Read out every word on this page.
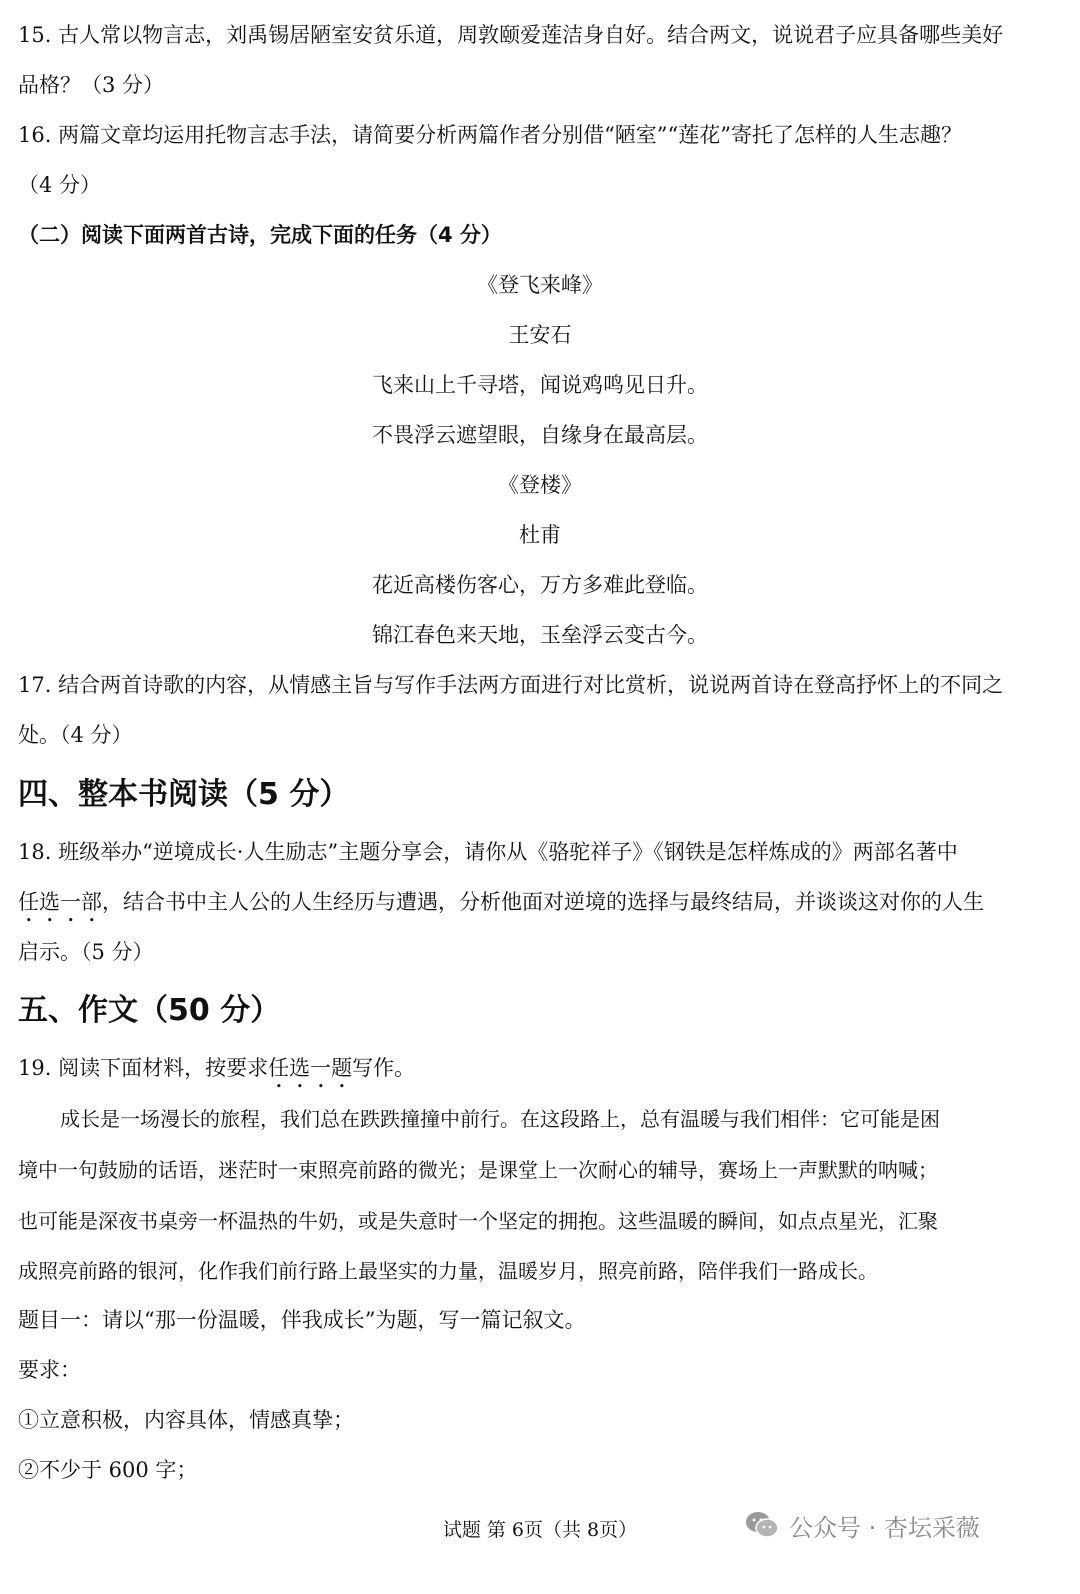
15. 古人常以物言志，刘禹锡居陋室安贫乐道，周敦颐爱莲洁身自好。结合两文，说说君子应具备哪些美好

品格？（3 分）

16. 两篇文章均运用托物言志手法，请简要分析两篇作者分别借“陋室”“莲花”寄托了怎样的人生志趣？

（4 分）

（二）阅读下面两首古诗，完成下面的任务（4 分）

《登飞来峰》

王安石

飞来山上千寻塔，闻说鸡鸣见日升。

不畏浮云遮望眼，自缘身在最高层。

《登楼》

杜甫

花近高楼伤客心，万方多难此登临。

锦江春色来天地，玉垒浮云变古今。

17. 结合两首诗歌的内容，从情感主旨与写作手法两方面进行对比赏析，说说两首诗在登高抒怀上的不同之

处。（4 分）

四、整本书阅读（5 分）

18. 班级举办“逆境成长·人生励志”主题分享会，请你从《骆驼祥子》《钢铁是怎样炼成的》两部名著中

任选一部，结合书中主人公的人生经历与遭遇，分析他面对逆境的选择与最终结局，并谈谈这对你的人生

启示。（5 分）

五、作文（50 分）

19. 阅读下面材料，按要求任选一题写作。

成长是一场漫长的旅程，我们总在跌跌撞撞中前行。在这段路上，总有温暖与我们相伴：它可能是困

境中一句鼓励的话语，迷茫时一束照亮前路的微光；是课堂上一次耐心的辅导，赛场上一声默默的呐喊；

也可能是深夜书桌旁一杯温热的牛奶，或是失意时一个坚定的拥抱。这些温暖的瞬间，如点点星光，汇聚

成照亮前路的银河，化作我们前行路上最坚实的力量，温暖岁月，照亮前路，陪伴我们一路成长。

题目一：请以“那一份温暖，伴我成长”为题，写一篇记叙文。

要求：

①立意积极，内容具体，情感真挚；

②不少于 600 字；

试题 第 6页（共 8页）	公众号 · 杏坛采薇
